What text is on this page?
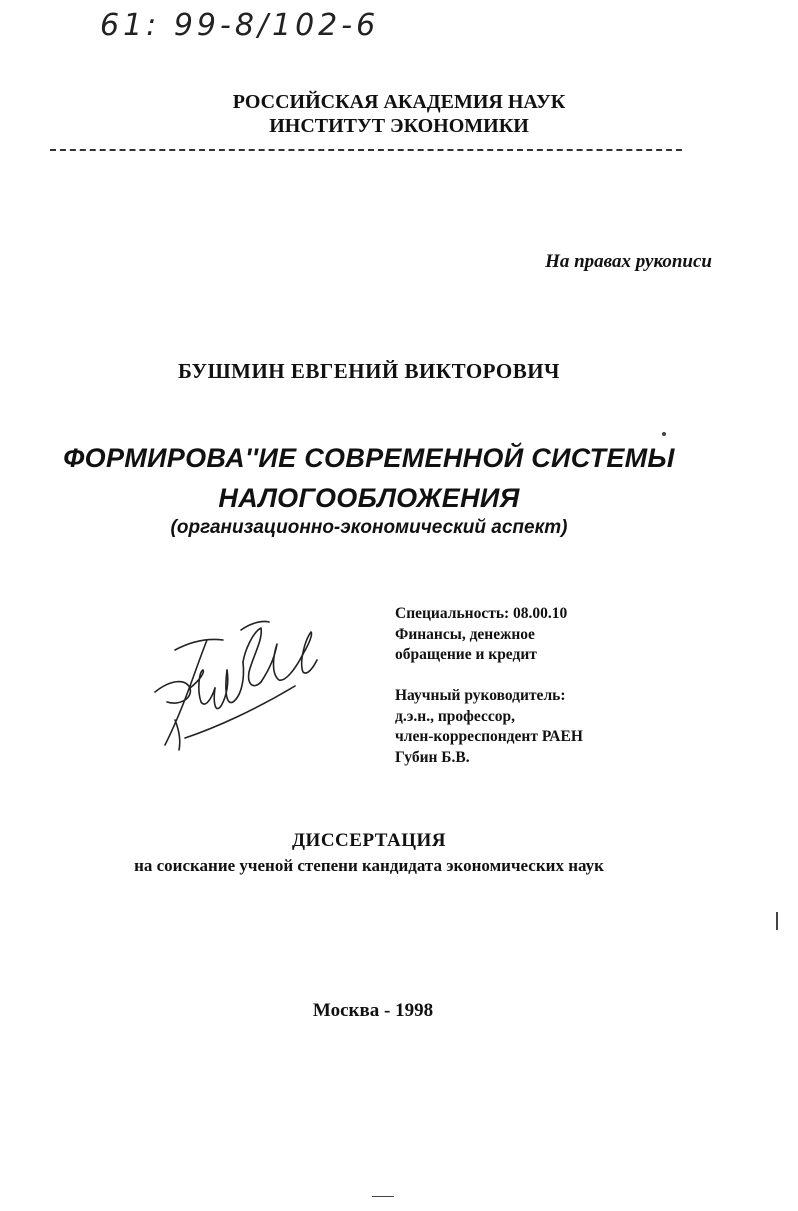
61: 99-8/102-6
РОССИЙСКАЯ АКАДЕМИЯ НАУК
ИНСТИТУТ ЭКОНОМИКИ
На правах рукописи
БУШМИН ЕВГЕНИЙ ВИКТОРОВИЧ
ФОРМИРОВА''ИЕ СОВРЕМЕННОЙ СИСТЕМЫ
НАЛОГООБЛОЖЕНИЯ
(организационно-экономический аспект)
Специальность: 08.00.10
Финансы, денежное
обращение и кредит
Научный руководитель:
д.э.н., профессор,
член-корреспондент РАЕН
Губин Б.В.
ДИССЕРТАЦИЯ
на соискание ученой степени кандидата экономических наук
Москва - 1998
